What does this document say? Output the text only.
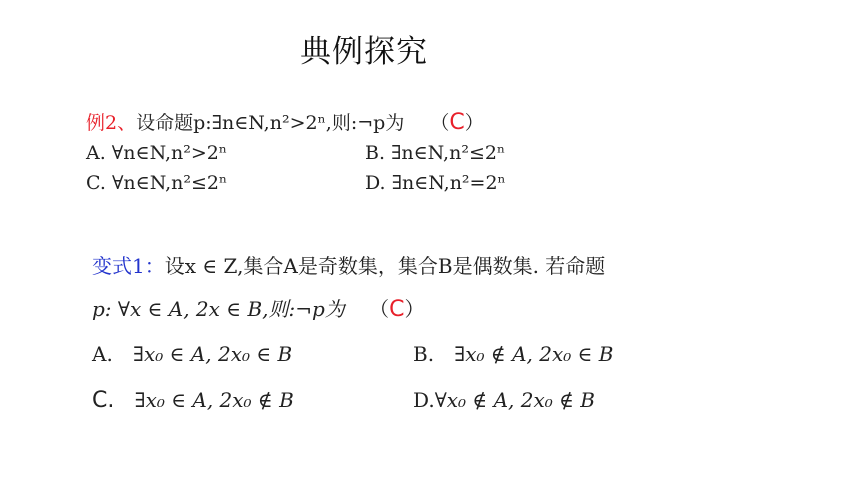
典例探究
例2、设命题p:∃n∈N,n²>2ⁿ,则:¬p为 （C）
A. ∀n∈N,n²>2ⁿ	B. ∃n∈N,n²≤2ⁿ
C. ∀n∈N,n²≤2ⁿ	D. ∃n∈N,n²=2ⁿ
变式1：设x ∈ Z,集合A是奇数集，集合B是偶数集. 若命题
p: ∀x ∈ A, 2x ∈ B,则:¬p为 （C）
A. ∃x₀ ∈ A, 2x₀ ∈ B	B. ∃x₀ ∉ A, 2x₀ ∈ B
C. ∃x₀ ∈ A, 2x₀ ∉ B	D.∀x₀ ∉ A, 2x₀ ∉ B
